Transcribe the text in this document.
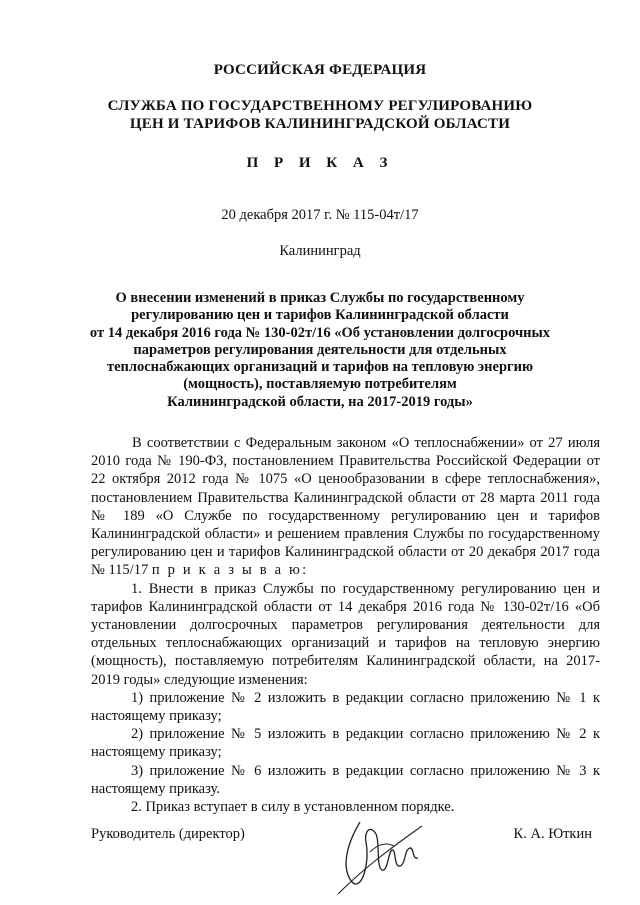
РОССИЙСКАЯ ФЕДЕРАЦИЯ
СЛУЖБА ПО ГОСУДАРСТВЕННОМУ РЕГУЛИРОВАНИЮ
ЦЕН И ТАРИФОВ КАЛИНИНГРАДСКОЙ ОБЛАСТИ
П Р И К А З
20 декабря 2017 г. № 115-04т/17
Калининград
О внесении изменений в приказ Службы по государственному
регулированию цен и тарифов Калининградской области
от 14 декабря 2016 года № 130-02т/16 «Об установлении долгосрочных
параметров регулирования деятельности для отдельных
теплоснабжающих организаций и тарифов на тепловую энергию
(мощность), поставляемую потребителям
Калининградской области, на 2017-2019 годы»

В соответствии с Федеральным законом «О теплоснабжении» от 27 июля 2010 года № 190-ФЗ, постановлением Правительства Российской Федерации от 22 октября 2012 года № 1075 «О ценообразовании в сфере теплоснабжения», постановлением Правительства Калининградской области от 28 марта 2011 года № 189 «О Службе по государственному регулированию цен и тарифов Калининградской области» и решением правления Службы по государственному регулированию цен и тарифов Калининградской области от 20 декабря 2017 года № 115/17 п р и к а з ы в а ю:

1. Внести в приказ Службы по государственному регулированию цен и тарифов Калининградской области от 14 декабря 2016 года № 130-02т/16 «Об установлении долгосрочных параметров регулирования деятельности для отдельных теплоснабжающих организаций и тарифов на тепловую энергию (мощность), поставляемую потребителям Калининградской области, на 2017-2019 годы» следующие изменения:

1) приложение № 2 изложить в редакции согласно приложению № 1 к настоящему приказу;

2) приложение № 5 изложить в редакции согласно приложению № 2 к настоящему приказу;

3) приложение № 6 изложить в редакции согласно приложению № 3 к настоящему приказу.

2. Приказ вступает в силу в установленном порядке.

Руководитель (директор)	К. А. Юткин
